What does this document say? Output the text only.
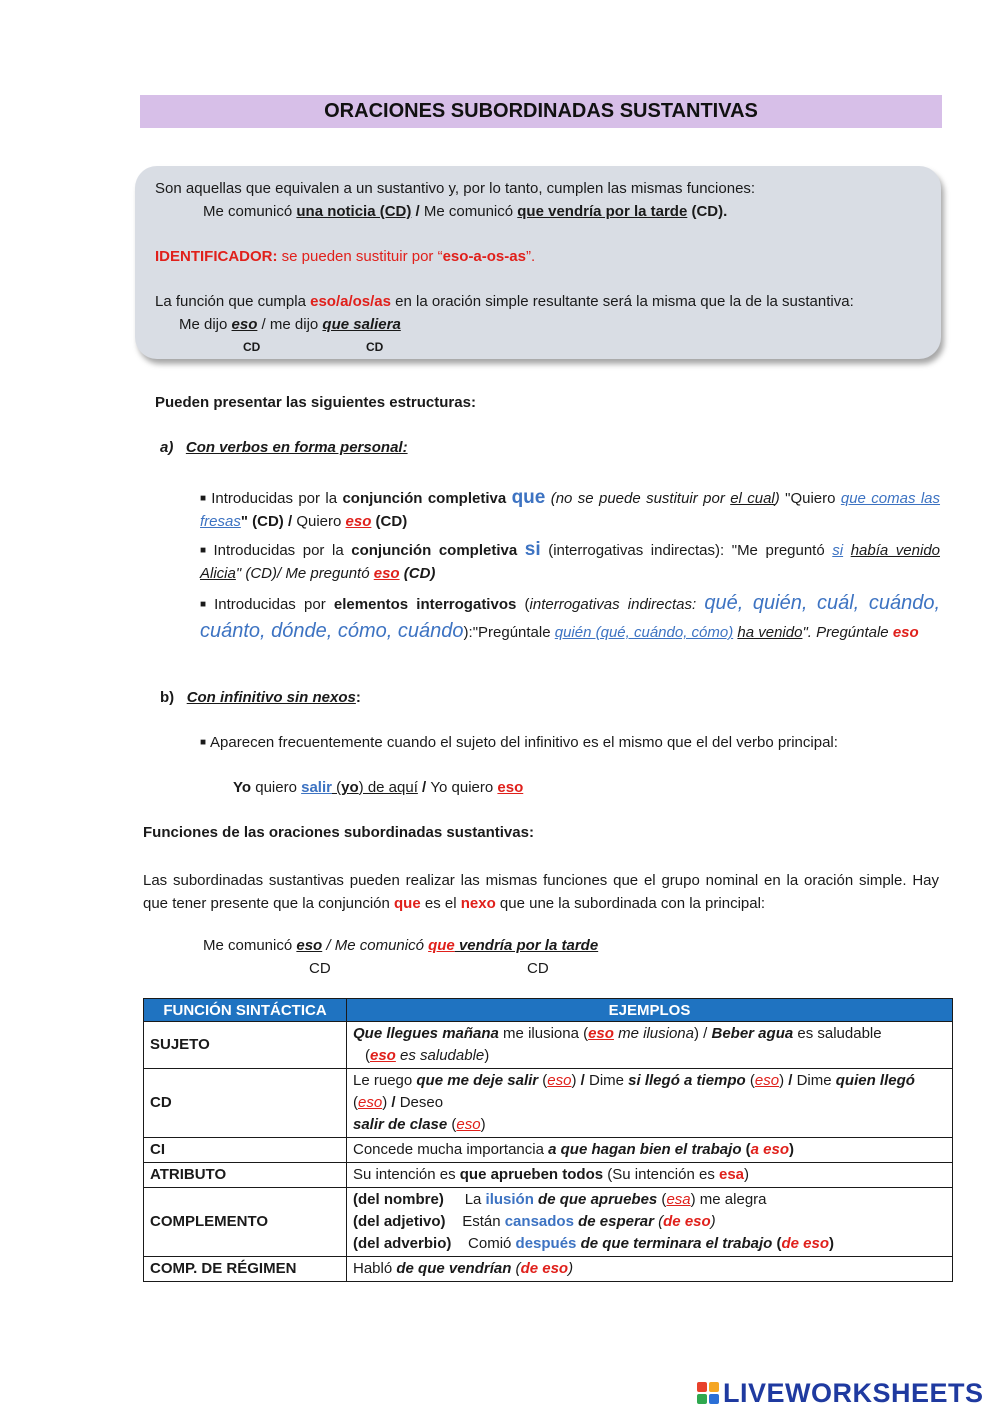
ORACIONES SUBORDINADAS SUSTANTIVAS
Son aquellas que equivalen a un sustantivo y, por lo tanto, cumplen las mismas funciones:
Me comunicó una noticia (CD) / Me comunicó que vendría por la tarde (CD).
IDENTIFICADOR: se pueden sustituir por “eso-a-os-as”.
La función que cumpla eso/a/os/as en la oración simple resultante será la misma que la de la sustantiva:
Me dijo eso / me dijo que saliera
CD	CD
Pueden presentar las siguientes estructuras:
a) Con verbos en forma personal:
■ Introducidas por la conjunción completiva que (no se puede sustituir por el cual) "Quiero que comas las fresas" (CD) / Quiero eso (CD)
■ Introducidas por la conjunción completiva si (interrogativas indirectas): "Me preguntó si había venido Alicia" (CD)/ Me preguntó eso (CD)
■ Introducidas por elementos interrogativos (interrogativas indirectas: qué, quién, cuál, cuándo, cuánto, dónde, cómo, cuándo):"Pregúntale quién (qué, cuándo, cómo) ha venido". Pregúntale eso
b) Con infinitivo sin nexos:
■ Aparecen frecuentemente cuando el sujeto del infinitivo es el mismo que el del verbo principal:
Yo quiero salir (yo) de aquí / Yo quiero eso
Funciones de las oraciones subordinadas sustantivas:
Las subordinadas sustantivas pueden realizar las mismas funciones que el grupo nominal en la oración simple. Hay que tener presente que la conjunción que es el nexo que une la subordinada con la principal:
Me comunicó eso / Me comunicó que vendría por la tarde
CD	CD
FUNCIÓN SINTÁCTICA	EJEMPLOS
SUJETO	Que llegues mañana me ilusiona (eso me ilusiona) / Beber agua es saludable
(eso es saludable)
CD	Le ruego que me deje salir (eso) / Dime si llegó a tiempo (eso) / Dime quien llegó (eso) / Deseo
salir de clase (eso)
CI	Concede mucha importancia a que hagan bien el trabajo (a eso)
ATRIBUTO	Su intención es que aprueben todos (Su intención es esa)
COMPLEMENTO	(del nombre) La ilusión de que apruebes (esa) me alegra
(del adjetivo) Están cansados de esperar (de eso)
(del adverbio) Comió después de que terminara el trabajo (de eso)
COMP. DE RÉGIMEN	Habló de que vendrían (de eso)
LIVEWORKSHEETS
